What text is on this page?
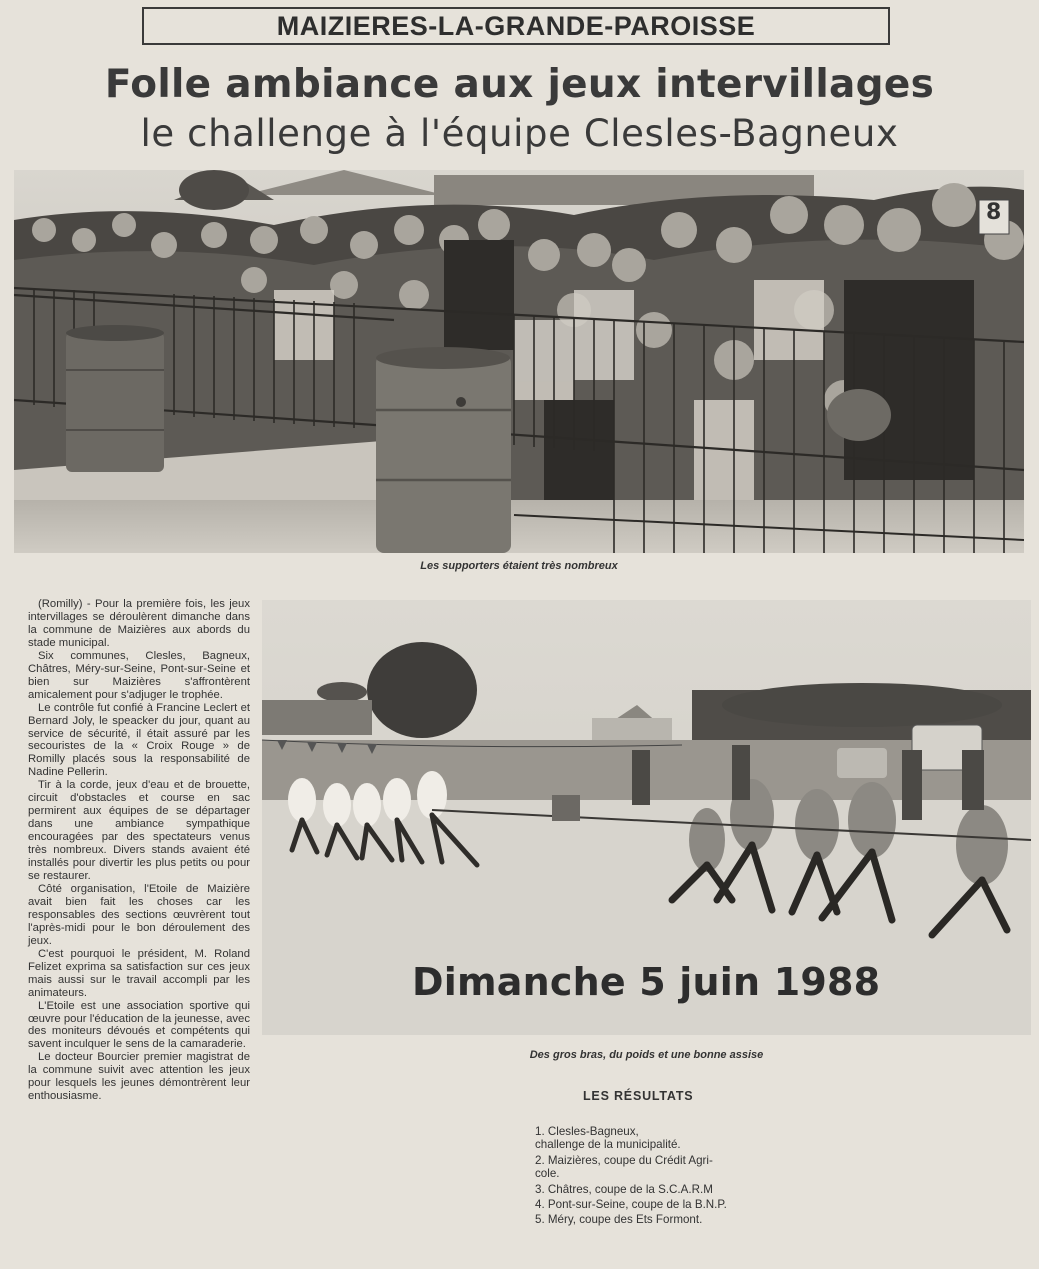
MAIZIERES-LA-GRANDE-PAROISSE
Folle ambiance aux jeux intervillages
le challenge à l'équipe Clesles-Bagneux
8
Les supporters étaient très nombreux

(Romilly) - Pour la première fois, les jeux intervillages se déroulèrent dimanche dans la commune de Maizières aux abords du stade municipal.

Six communes, Clesles, Bagneux, Châtres, Méry-sur-Seine, Pont-sur-Seine et bien sur Maizières s'affrontèrent amicalement pour s'adjuger le trophée.

Le contrôle fut confié à Francine Leclert et Bernard Joly, le speacker du jour, quant au service de sécurité, il était assuré par les secouristes de la « Croix Rouge » de Romilly placés sous la responsabilité de Nadine Pellerin.

Tir à la corde, jeux d'eau et de brouette, circuit d'obstacles et course en sac permirent aux équipes de se départager dans une ambiance sympathique encouragées par des spectateurs venus très nombreux. Divers stands avaient été installés pour divertir les plus petits ou pour se restaurer.

Côté organisation, l'Etoile de Maizière avait bien fait les choses car les responsables des sections œuvrèrent tout l'après-midi pour le bon déroulement des jeux.

C'est pourquoi le président, M. Roland Felizet exprima sa satisfaction sur ces jeux mais aussi sur le travail accompli par les animateurs.

L'Etoile est une association sportive qui œuvre pour l'éducation de la jeunesse, avec des moniteurs dévoués et compétents qui savent inculquer le sens de la camaraderie.

Le docteur Bourcier premier magistrat de la commune suivit avec attention les jeux pour lesquels les jeunes démontrèrent leur enthousiasme.

Des gros bras, du poids et une bonne assise
Dimanche 5 juin 1988
LES RÉSULTATS
1. Clesles-Bagneux,
challenge de la municipalité.
2. Maizières, coupe du Crédit Agri-
cole.
3. Châtres, coupe de la S.C.A.R.M
4. Pont-sur-Seine, coupe de la B.N.P.
5. Méry, coupe des Ets Formont.
